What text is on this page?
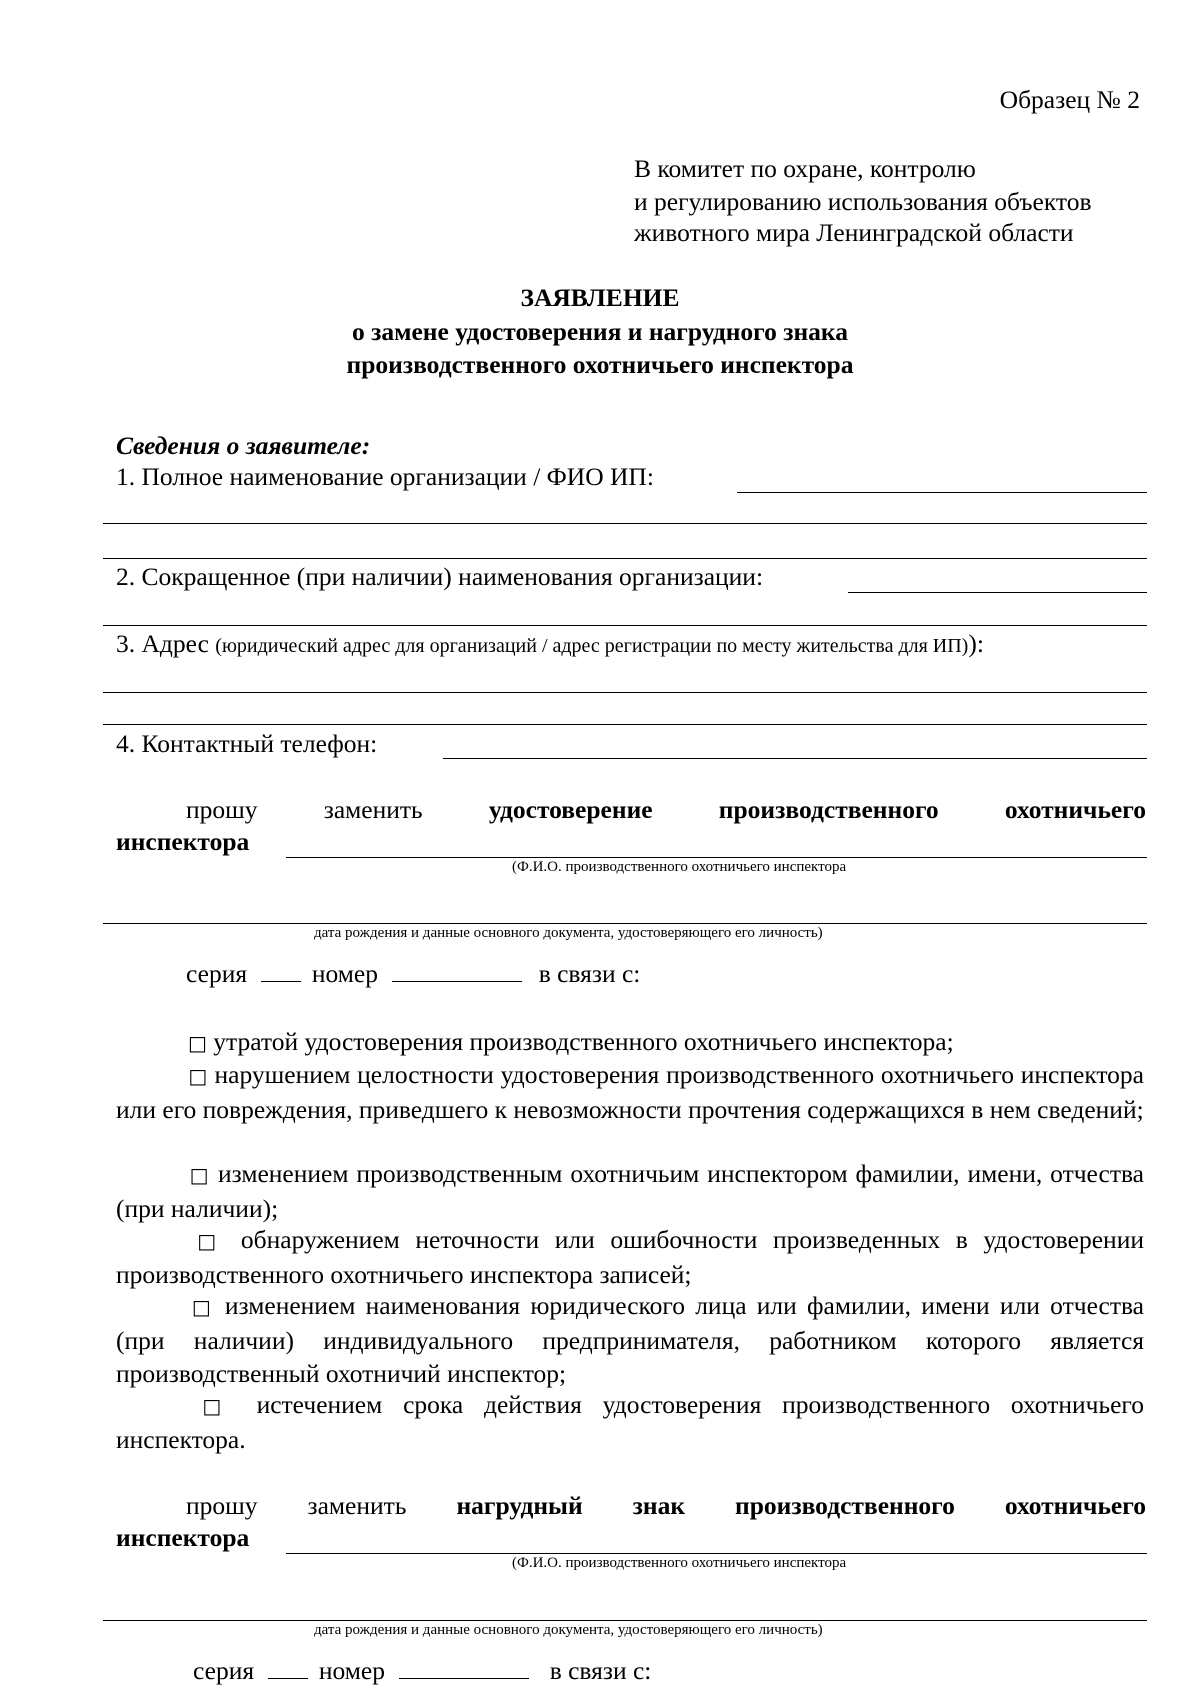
Образец № 2
В комитет по охране, контролю
и регулированию использования объектов
животного мира Ленинградской области
ЗАЯВЛЕНИЕ
о замене удостоверения и нагрудного знака
производственного охотничьего инспектора
Сведения о заявителе:
1. Полное наименование организации / ФИО ИП:
2. Сокращенное (при наличии) наименования организации:
3. Адрес (юридический адрес для организаций / адрес регистрации по месту жительства для ИП)):
4. Контактный телефон:
прошу	заменить	удостоверение	производственного	охотничьего
инспектора
(Ф.И.О. производственного охотничьего инспектора
дата рождения и данные основного документа, удостоверяющего его личность)
серия	номер	в связи с:
□ утратой удостоверения производственного охотничьего инспектора;
□ нарушением целостности удостоверения производственного охотничьего инспектора или его повреждения, приведшего к невозможности прочтения содержащихся в нем сведений;
□ изменением производственным охотничьим инспектором фамилии, имени, отчества (при наличии);
□ обнаружением неточности или ошибочности произведенных в удостоверении производственного охотничьего инспектора записей;
□ изменением наименования юридического лица или фамилии, имени или отчества (при наличии) индивидуального предпринимателя, работником которого является производственный охотничий инспектор;
□ истечением срока действия удостоверения производственного охотничьего инспектора.
прошу заменить нагрудный знак производственного охотничьего
инспектора
(Ф.И.О. производственного охотничьего инспектора
дата рождения и данные основного документа, удостоверяющего его личность)
серия	номер	в связи с:
